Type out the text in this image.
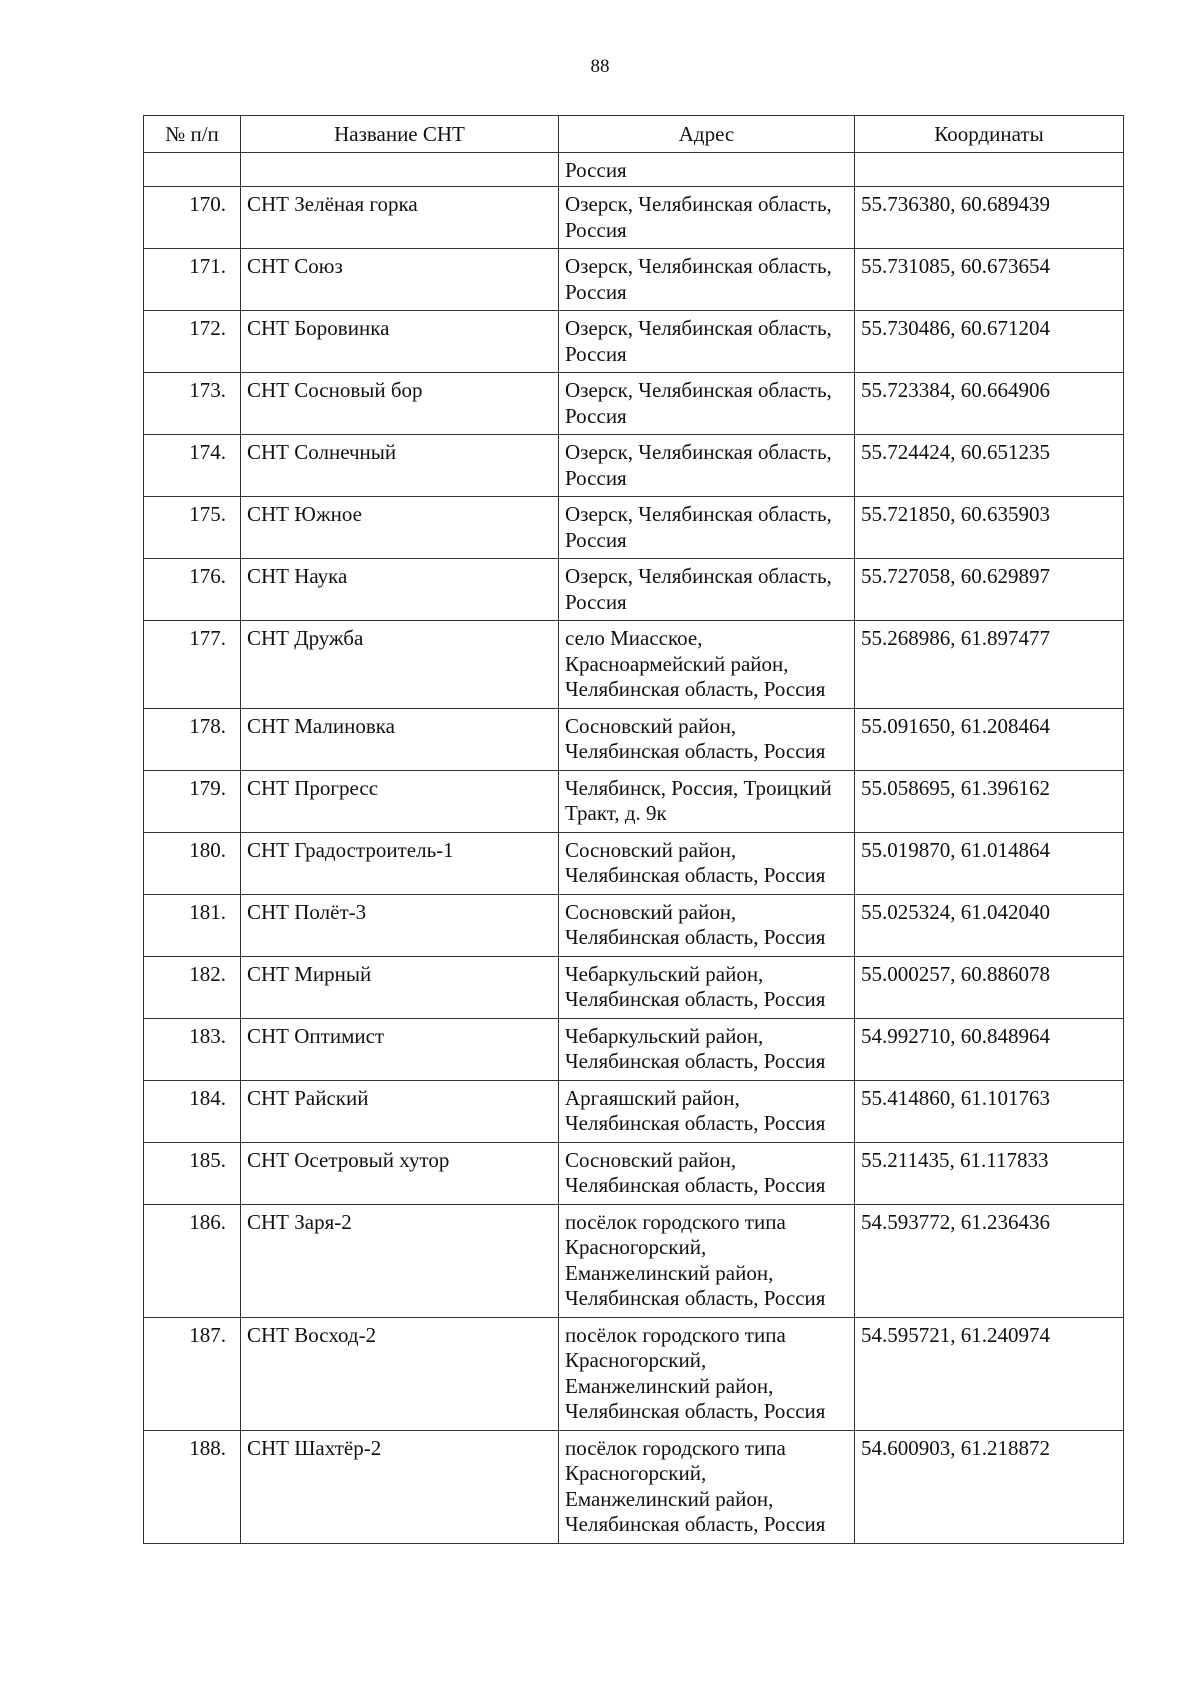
88
№ п/п	Название СНТ	Адрес	Координаты
		Россия	
170.	СНТ Зелёная горка	Озерск, Челябинская область,
Россия	55.736380, 60.689439
171.	СНТ Союз	Озерск, Челябинская область,
Россия	55.731085, 60.673654
172.	СНТ Боровинка	Озерск, Челябинская область,
Россия	55.730486, 60.671204
173.	СНТ Сосновый бор	Озерск, Челябинская область,
Россия	55.723384, 60.664906
174.	СНТ Солнечный	Озерск, Челябинская область,
Россия	55.724424, 60.651235
175.	СНТ Южное	Озерск, Челябинская область,
Россия	55.721850, 60.635903
176.	СНТ Наука	Озерск, Челябинская область,
Россия	55.727058, 60.629897
177.	СНТ Дружба	село Миасское,
Красноармейский район,
Челябинская область, Россия	55.268986, 61.897477
178.	СНТ Малиновка	Сосновский район,
Челябинская область, Россия	55.091650, 61.208464
179.	СНТ Прогресс	Челябинск, Россия, Троицкий
Тракт, д. 9к	55.058695, 61.396162
180.	СНТ Градостроитель-1	Сосновский район,
Челябинская область, Россия	55.019870, 61.014864
181.	СНТ Полёт-3	Сосновский район,
Челябинская область, Россия	55.025324, 61.042040
182.	СНТ Мирный	Чебаркульский район,
Челябинская область, Россия	55.000257, 60.886078
183.	СНТ Оптимист	Чебаркульский район,
Челябинская область, Россия	54.992710, 60.848964
184.	СНТ Райский	Аргаяшский район,
Челябинская область, Россия	55.414860, 61.101763
185.	СНТ Осетровый хутор	Сосновский район,
Челябинская область, Россия	55.211435, 61.117833
186.	СНТ Заря-2	посёлок городского типа
Красногорский,
Еманжелинский район,
Челябинская область, Россия	54.593772, 61.236436
187.	СНТ Восход-2	посёлок городского типа
Красногорский,
Еманжелинский район,
Челябинская область, Россия	54.595721, 61.240974
188.	СНТ Шахтёр-2	посёлок городского типа
Красногорский,
Еманжелинский район,
Челябинская область, Россия	54.600903, 61.218872
